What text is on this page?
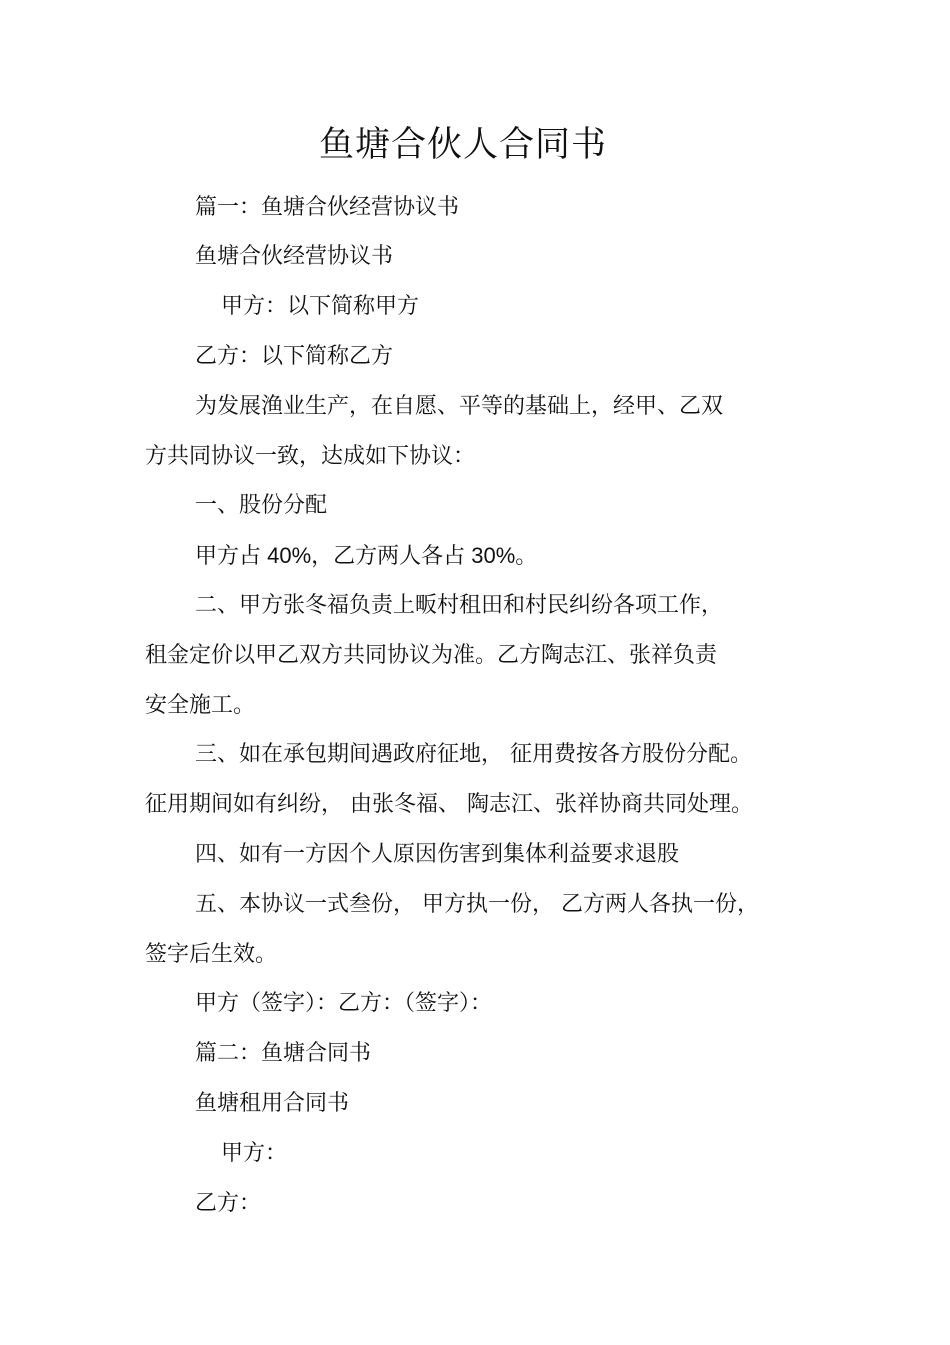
鱼塘合伙人合同书
篇一：鱼塘合伙经营协议书
鱼塘合伙经营协议书
甲方：以下简称甲方
乙方：以下简称乙方
为发展渔业生产，在自愿、平等的基础上，经甲、乙双
方共同协议一致，达成如下协议：
一、股份分配
甲方占 40%，乙方两人各占 30%。
二、甲方张冬福负责上畈村租田和村民纠纷各项工作，
租金定价以甲乙双方共同协议为准。乙方陶志江、张祥负责
安全施工。
三、如在承包期间遇政府征地， 征用费按各方股份分配。
征用期间如有纠纷， 由张冬福、 陶志江、张祥协商共同处理。
四、如有一方因个人原因伤害到集体利益要求退股
五、本协议一式叁份， 甲方执一份， 乙方两人各执一份，
签字后生效。
甲方（签字）：乙方：（签字）：
篇二：鱼塘合同书
鱼塘租用合同书
甲方：
乙方：
